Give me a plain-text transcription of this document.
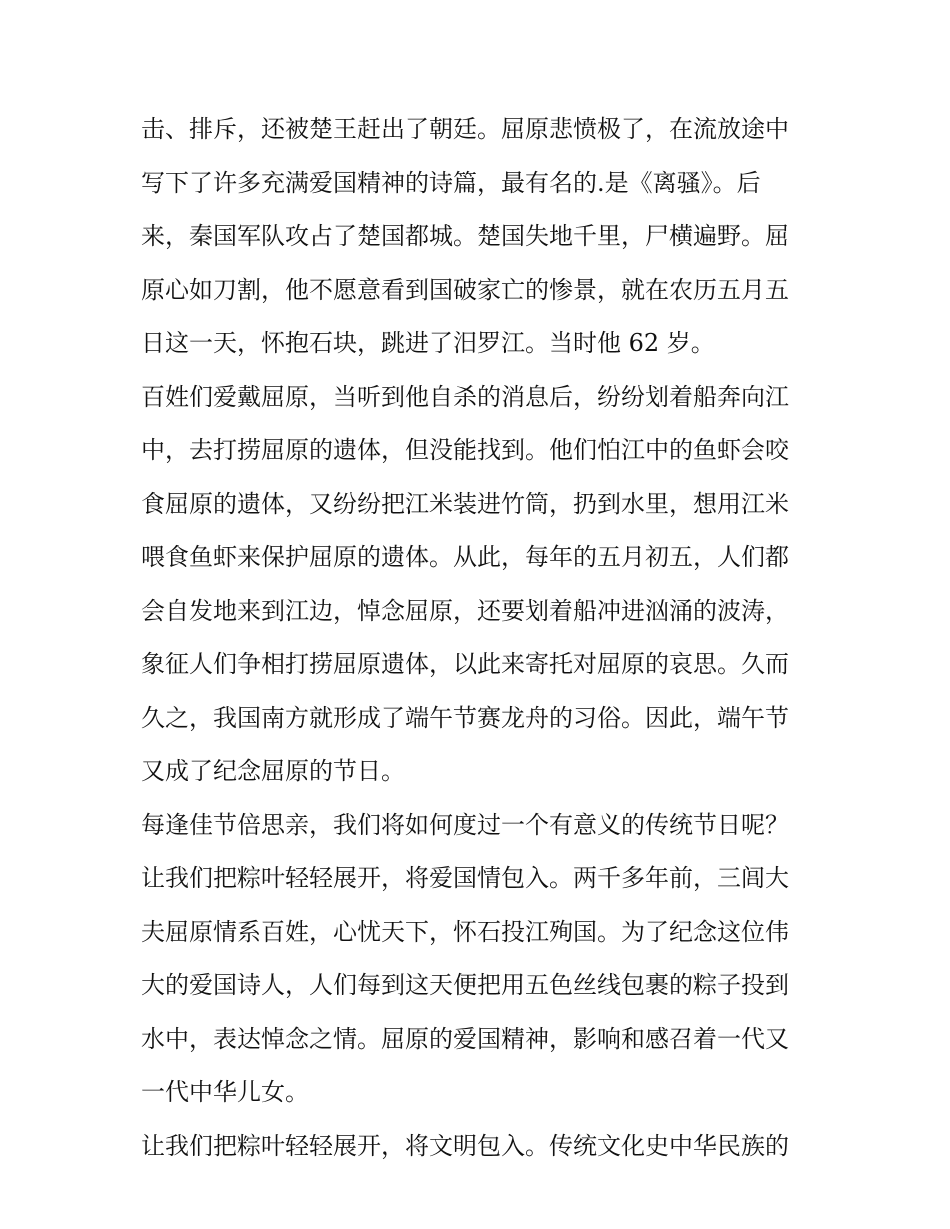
击、排斥，还被楚王赶出了朝廷。屈原悲愤极了，在流放途中
写下了许多充满爱国精神的诗篇，最有名的.是《离骚》。后
来，秦国军队攻占了楚国都城。楚国失地千里，尸横遍野。屈
原心如刀割，他不愿意看到国破家亡的惨景，就在农历五月五
日这一天，怀抱石块，跳进了汨罗江。当时他 62 岁。
百姓们爱戴屈原，当听到他自杀的消息后，纷纷划着船奔向江
中，去打捞屈原的遗体，但没能找到。他们怕江中的鱼虾会咬
食屈原的遗体，又纷纷把江米装进竹筒，扔到水里，想用江米
喂食鱼虾来保护屈原的遗体。从此，每年的五月初五，人们都
会自发地来到江边，悼念屈原，还要划着船冲进汹涌的波涛，
象征人们争相打捞屈原遗体，以此来寄托对屈原的哀思。久而
久之，我国南方就形成了端午节赛龙舟的习俗。因此，端午节
又成了纪念屈原的节日。
每逢佳节倍思亲，我们将如何度过一个有意义的传统节日呢？
让我们把粽叶轻轻展开，将爱国情包入。两千多年前，三闾大
夫屈原情系百姓，心忧天下，怀石投江殉国。为了纪念这位伟
大的爱国诗人，人们每到这天便把用五色丝线包裹的粽子投到
水中，表达悼念之情。屈原的爱国精神，影响和感召着一代又
一代中华儿女。
让我们把粽叶轻轻展开，将文明包入。传统文化史中华民族的
